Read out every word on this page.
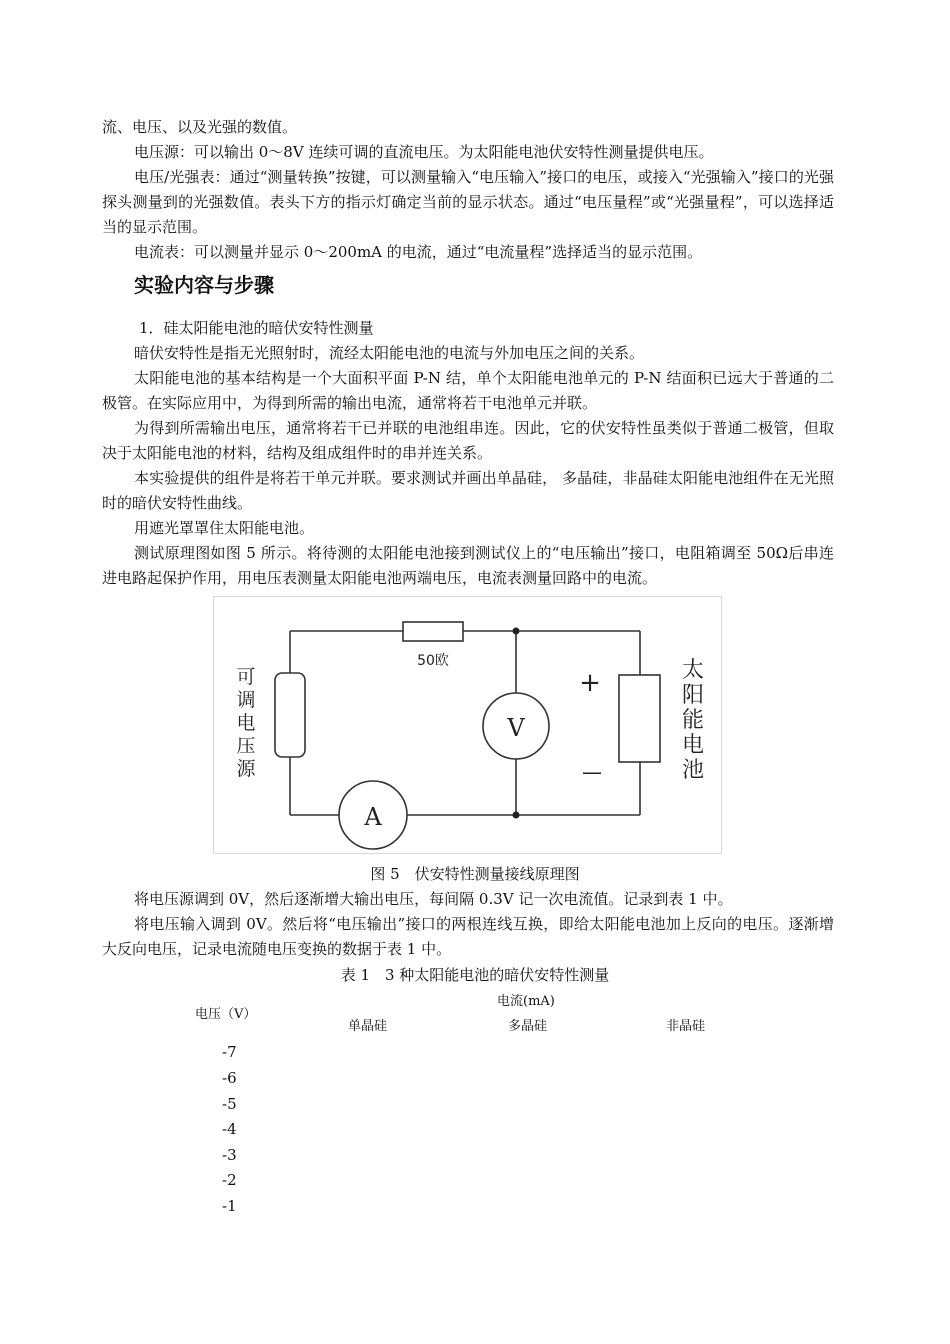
流、电压、以及光强的数值。

电压源：可以输出 0～8V 连续可调的直流电压。为太阳能电池伏安特性测量提供电压。

电压/光强表：通过“测量转换”按键，可以测量输入“电压输入”接口的电压，或接入“光强输入”接口的光强探头测量到的光强数值。表头下方的指示灯确定当前的显示状态。通过“电压量程”或“光强量程”，可以选择适当的显示范围。

电流表：可以测量并显示 0～200mA 的电流，通过“电流量程”选择适当的显示范围。

实验内容与步骤

1．硅太阳能电池的暗伏安特性测量

暗伏安特性是指无光照射时，流经太阳能电池的电流与外加电压之间的关系。

太阳能电池的基本结构是一个大面积平面 P-N 结，单个太阳能电池单元的 P-N 结面积已远大于普通的二极管。在实际应用中，为得到所需的输出电流，通常将若干电池单元并联。

为得到所需输出电压，通常将若干已并联的电池组串连。因此，它的伏安特性虽类似于普通二极管，但取决于太阳能电池的材料，结构及组成组件时的串并连关系。

本实验提供的组件是将若干单元并联。要求测试并画出单晶硅， 多晶硅，非晶硅太阳能电池组件在无光照时的暗伏安特性曲线。

用遮光罩罩住太阳能电池。

测试原理图如图 5 所示。将待测的太阳能电池接到测试仪上的“电压输出”接口，电阻箱调至 50Ω后串连进电路起保护作用，用电压表测量太阳能电池两端电压，电流表测量回路中的电流。

50欧
V
A
+
—
可
调
电
压
源
太
阳
能
电
池

图 5　伏安特性测量接线原理图

将电压源调到 0V，然后逐渐增大输出电压，每间隔 0.3V 记一次电流值。记录到表 1 中。

将电压输入调到 0V。然后将“电压输出”接口的两根连线互换，即给太阳能电池加上反向的电压。逐渐增大反向电压，记录电流随电压变换的数据于表 1 中。

表 1　3 种太阳能电池的暗伏安特性测量

电压（V）
电流(mA)
单晶硅	多晶硅	非晶硅
-7
-6
-5
-4
-3
-2
-1
